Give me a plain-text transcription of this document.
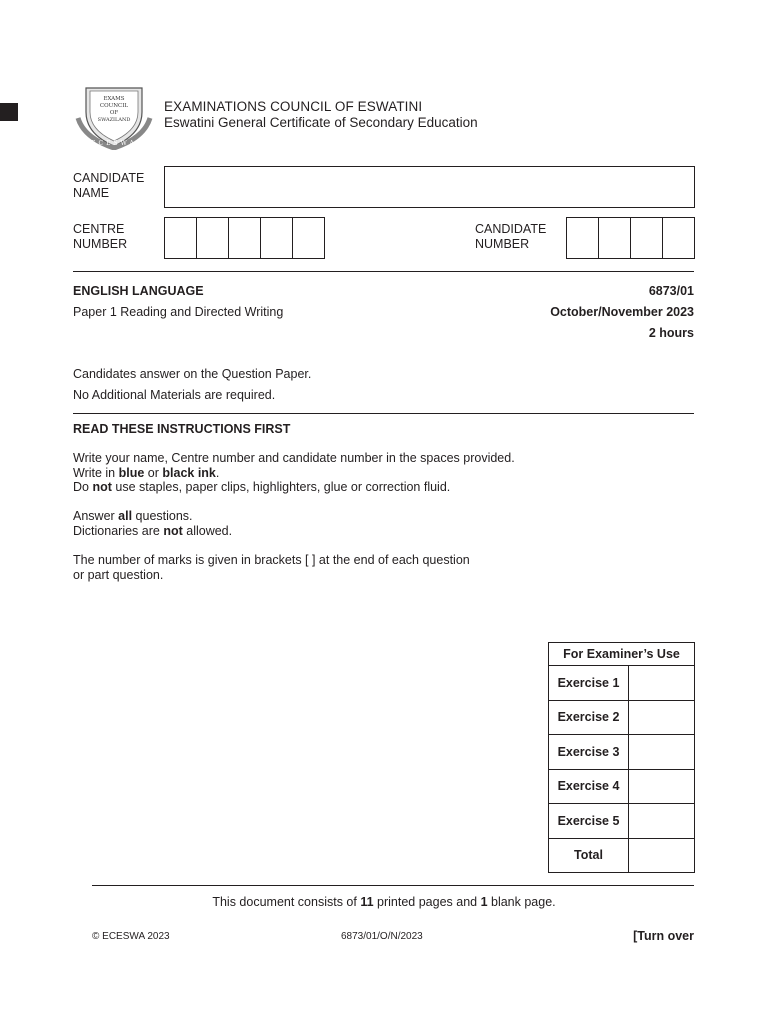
EXAMS
COUNCIL
OF
SWAZILAND
ECESWA
EXAMINATIONS COUNCIL OF ESWATINI
Eswatini General Certificate of Secondary Education
CANDIDATE
NAME
CENTRE
NUMBER
CANDIDATE
NUMBER
ENGLISH LANGUAGE	6873/01
Paper 1 Reading and Directed Writing	October/November 2023
2 hours
Candidates answer on the Question Paper.
No Additional Materials are required.
READ THESE INSTRUCTIONS FIRST
Write your name, Centre number and candidate number in the spaces provided.
Write in blue or black ink.
Do not use staples, paper clips, highlighters, glue or correction fluid.
Answer all questions.
Dictionaries are not allowed.
The number of marks is given in brackets [ ] at the end of each question
or part question.
For Examiner’s Use	
Exercise 1	
Exercise 2	
Exercise 3	
Exercise 4	
Exercise 5	
Total	
This document consists of 11 printed pages and 1 blank page.
© ECESWA 2023	6873/01/O/N/2023	[Turn over
